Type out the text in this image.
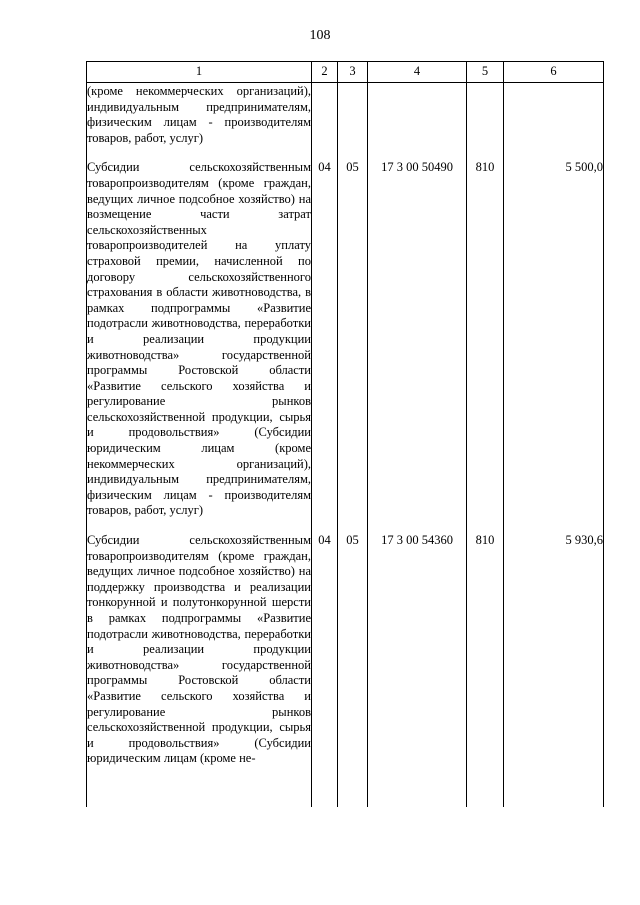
108
1	2	3	4	5	6
(кроме некоммерческих организаций), индивидуальным предпринимателям, физическим лицам - производителям товаров, работ, услуг)					
Субсидии сельскохозяйственным товаропроизводителям (кроме граждан, ведущих личное подсобное хозяйство) на возмещение части затрат сельскохозяйственных товаропроизводителей на уплату страховой премии, начисленной по договору сельскохозяйственного страхования в области животноводства, в рамках подпрограммы «Развитие подотрасли животноводства, переработки и реализации продукции животноводства» государственной программы Ростовской области «Развитие сельского хозяйства и регулирование рынков сельскохозяйственной продукции, сырья и продовольствия» (Субсидии юридическим лицам (кроме некоммерческих организаций), индивидуальным предпринимателям, физическим лицам - производителям товаров, работ, услуг)	04	05	17 3 00 50490	810	5 500,0
Субсидии сельскохозяйственным товаропроизводителям (кроме граждан, ведущих личное подсобное хозяйство) на поддержку производства и реализации тонкорунной и полутонкорунной шерсти в рамках подпрограммы «Развитие подотрасли животноводства, переработки и реализации продукции животноводства» государственной программы Ростовской области «Развитие сельского хозяйства и регулирование рынков сельскохозяйственной продукции, сырья и продовольствия» (Субсидии юридическим лицам (кроме не-	04	05	17 3 00 54360	810	5 930,6
